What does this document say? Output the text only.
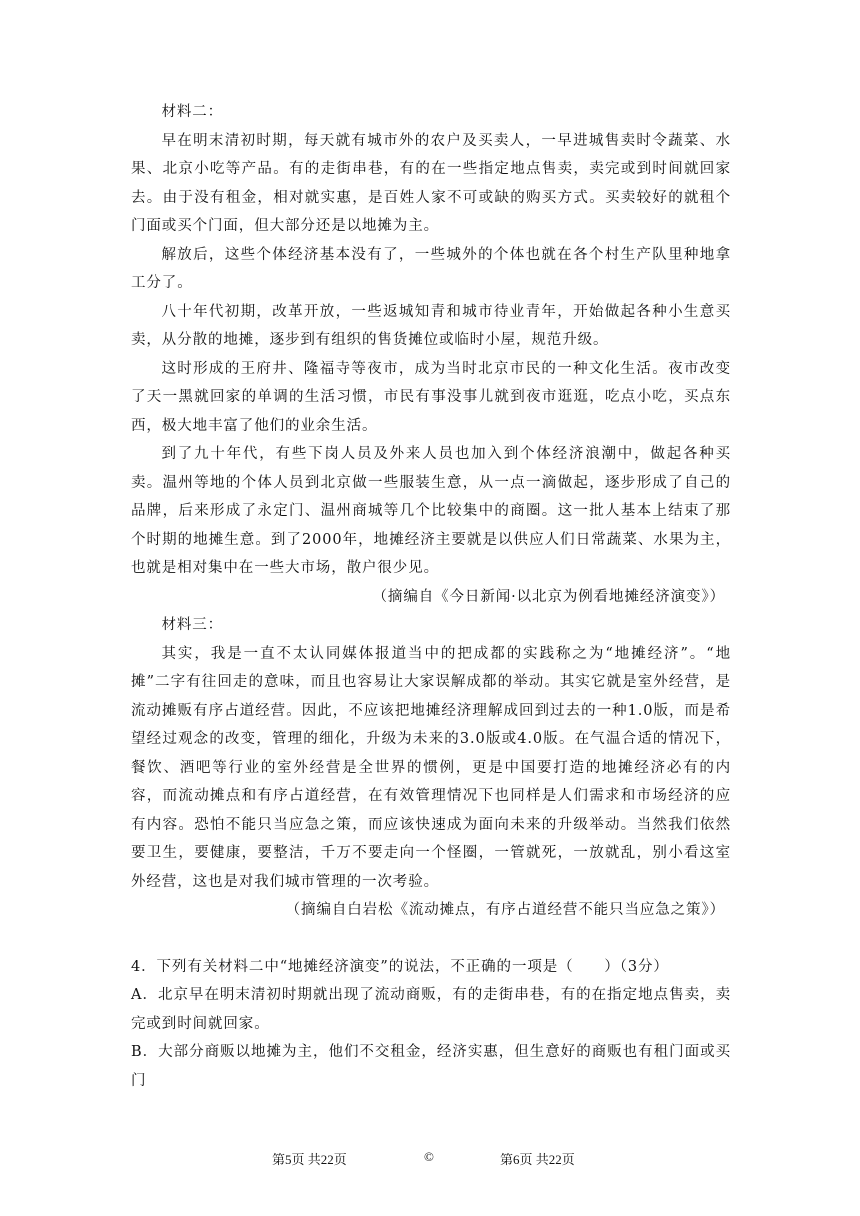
材料二：

早在明末清初时期，每天就有城市外的农户及买卖人，一早进城售卖时令蔬菜、水果、北京小吃等产品。有的走街串巷，有的在一些指定地点售卖，卖完或到时间就回家去。由于没有租金，相对就实惠，是百姓人家不可或缺的购买方式。买卖较好的就租个门面或买个门面，但大部分还是以地摊为主。

解放后，这些个体经济基本没有了，一些城外的个体也就在各个村生产队里种地拿工分了。

八十年代初期，改革开放，一些返城知青和城市待业青年，开始做起各种小生意买卖，从分散的地摊，逐步到有组织的售货摊位或临时小屋，规范升级。

这时形成的王府井、隆福寺等夜市，成为当时北京市民的一种文化生活。夜市改变了天一黑就回家的单调的生活习惯，市民有事没事儿就到夜市逛逛，吃点小吃，买点东西，极大地丰富了他们的业余生活。

到了九十年代，有些下岗人员及外来人员也加入到个体经济浪潮中，做起各种买卖。温州等地的个体人员到北京做一些服装生意，从一点一滴做起，逐步形成了自己的品牌，后来形成了永定门、温州商城等几个比较集中的商圈。这一批人基本上结束了那个时期的地摊生意。到了2000年，地摊经济主要就是以供应人们日常蔬菜、水果为主，也就是相对集中在一些大市场，散户很少见。

（摘编自《今日新闻·以北京为例看地摊经济演变》）

材料三：

其实，我是一直不太认同媒体报道当中的把成都的实践称之为“地摊经济”。“地摊”二字有往回走的意味，而且也容易让大家误解成都的举动。其实它就是室外经营，是流动摊贩有序占道经营。因此，不应该把地摊经济理解成回到过去的一种1.0版，而是希望经过观念的改变，管理的细化，升级为未来的3.0版或4.0版。在气温合适的情况下，餐饮、酒吧等行业的室外经营是全世界的惯例，更是中国要打造的地摊经济必有的内容，而流动摊点和有序占道经营，在有效管理情况下也同样是人们需求和市场经济的应有内容。恐怕不能只当应急之策，而应该快速成为面向未来的升级举动。当然我们依然要卫生，要健康，要整洁，千万不要走向一个怪圈，一管就死，一放就乱，别小看这室外经营，这也是对我们城市管理的一次考验。

（摘编自白岩松《流动摊点，有序占道经营不能只当应急之策》）

4．下列有关材料二中“地摊经济演变”的说法，不正确的一项是（　　）（3分）

A．北京早在明末清初时期就出现了流动商贩，有的走街串巷，有的在指定地点售卖，卖完或到时间就回家。

B．大部分商贩以地摊为主，他们不交租金，经济实惠，但生意好的商贩也有租门面或买门

第5页 共22页	©	第6页 共22页
